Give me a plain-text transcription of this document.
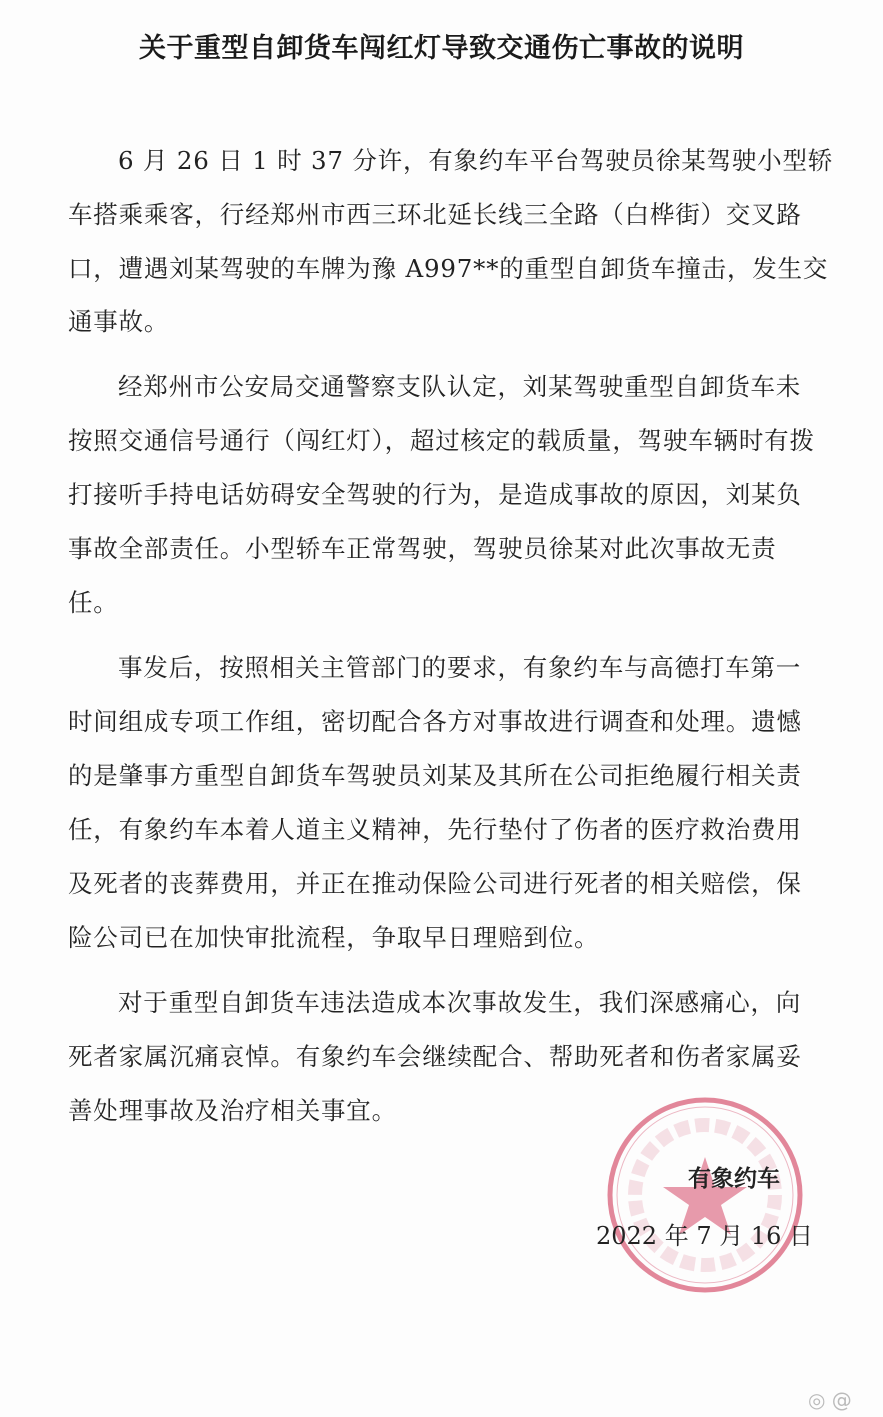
关于重型自卸货车闯红灯导致交通伤亡事故的说明
6 月 26 日 1 时 37 分许，有象约车平台驾驶员徐某驾驶小型轿
车搭乘乘客，行经郑州市西三环北延长线三全路（白桦街）交叉路
口，遭遇刘某驾驶的车牌为豫 A997**的重型自卸货车撞击，发生交
通事故。
经郑州市公安局交通警察支队认定，刘某驾驶重型自卸货车未
按照交通信号通行（闯红灯），超过核定的载质量，驾驶车辆时有拨
打接听手持电话妨碍安全驾驶的行为，是造成事故的原因，刘某负
事故全部责任。小型轿车正常驾驶，驾驶员徐某对此次事故无责
任。
事发后，按照相关主管部门的要求，有象约车与高德打车第一
时间组成专项工作组，密切配合各方对事故进行调查和处理。遗憾
的是肇事方重型自卸货车驾驶员刘某及其所在公司拒绝履行相关责
任，有象约车本着人道主义精神，先行垫付了伤者的医疗救治费用
及死者的丧葬费用，并正在推动保险公司进行死者的相关赔偿，保
险公司已在加快审批流程，争取早日理赔到位。
对于重型自卸货车违法造成本次事故发生，我们深感痛心，向
死者家属沉痛哀悼。有象约车会继续配合、帮助死者和伤者家属妥
善处理事故及治疗相关事宜。
有象约车
2022 年 7 月 16 日
◎ @
